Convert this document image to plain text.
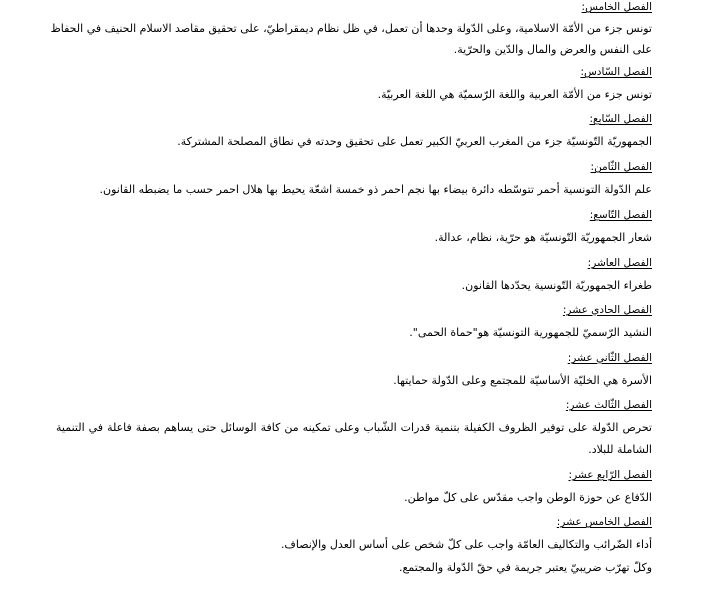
الفصل الخامس:
تونس جزء من الأمّة الاسلامية، وعلى الدّولة وحدها أن تعمل، في ظل نظام ديمقراطيّ، على تحقيق مقاصد الاسلام الحنيف في الحفاظ
على النفس والعرض والمال والدّين والحرّية.
الفصل السّادس:
تونس جزء من الأمّة العربية واللغة الرّسميّة هي اللغة العربيّة.
الفصل السّابع:
الجمهوريّة التّونسيّة جزء من المغرب العربيّ الكبير تعمل على تحقيق وحدته في نطاق المصلحة المشتركة.
الفصل الثّامن:
علم الدّولة التونسية أحمر تتوسّطه دائرة بيضاء بها نجم احمر ذو خمسة اشعّة يحيط بها هلال احمر حسب ما يضبطه القانون.
الفصل التّاسع:
شعار الجمهوريّة التّونسيّة هو حرّية، نظام، عدالة.
الفصل العاشر:
طغراء الجمهوريّة التّونسية يحدّدها القانون.
الفصل الحادي عشر:
النشيد الرّسميّ للجمهورية التونسيّة هو"حماة الحمى".
الفصل الثّاني عشر:
الأسرة هي الخليّة الأساسيّة للمجتمع وعلى الدّولة حمايتها.
الفصل الثّالث عشر:
تحرص الدّولة على توفير الظروف الكفيلة بتنمية قدرات الشّباب وعلى تمكينه من كافة الوسائل حتى يساهم بصفة فاعلة في التنمية
الشاملة للبلاد.
الفصل الرّابع عشر:
الدّفاع عن حوزة الوطن واجب مقدّس على كلّ مواطن.
الفصل الخامس عشر:
أداء الضّرائب والتكاليف العامّة واجب على كلّ شخص على أساس العدل والإنصاف.
وكلّ تهرّب ضريبيّ يعتبر جريمة في حقّ الدّولة والمجتمع.
